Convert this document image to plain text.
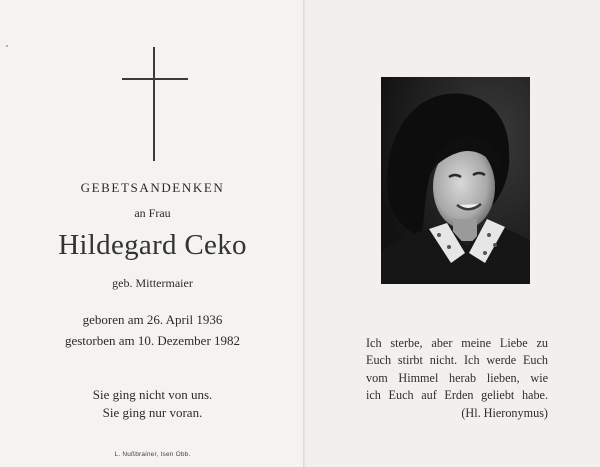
GEBETSANDENKEN
an Frau
Hildegard Ceko
geb. Mittermaier
geboren am 26. April 1936
gestorben am 10. Dezember 1982
Sie ging nicht von uns.
Sie ging nur voran.
L. Nußbrainer, Isen Obb.
Ich sterbe, aber meine Liebe zu
Euch stirbt nicht. Ich werde Euch
vom Himmel herab lieben, wie
ich Euch auf Erden geliebt habe.
(Hl. Hieronymus)
